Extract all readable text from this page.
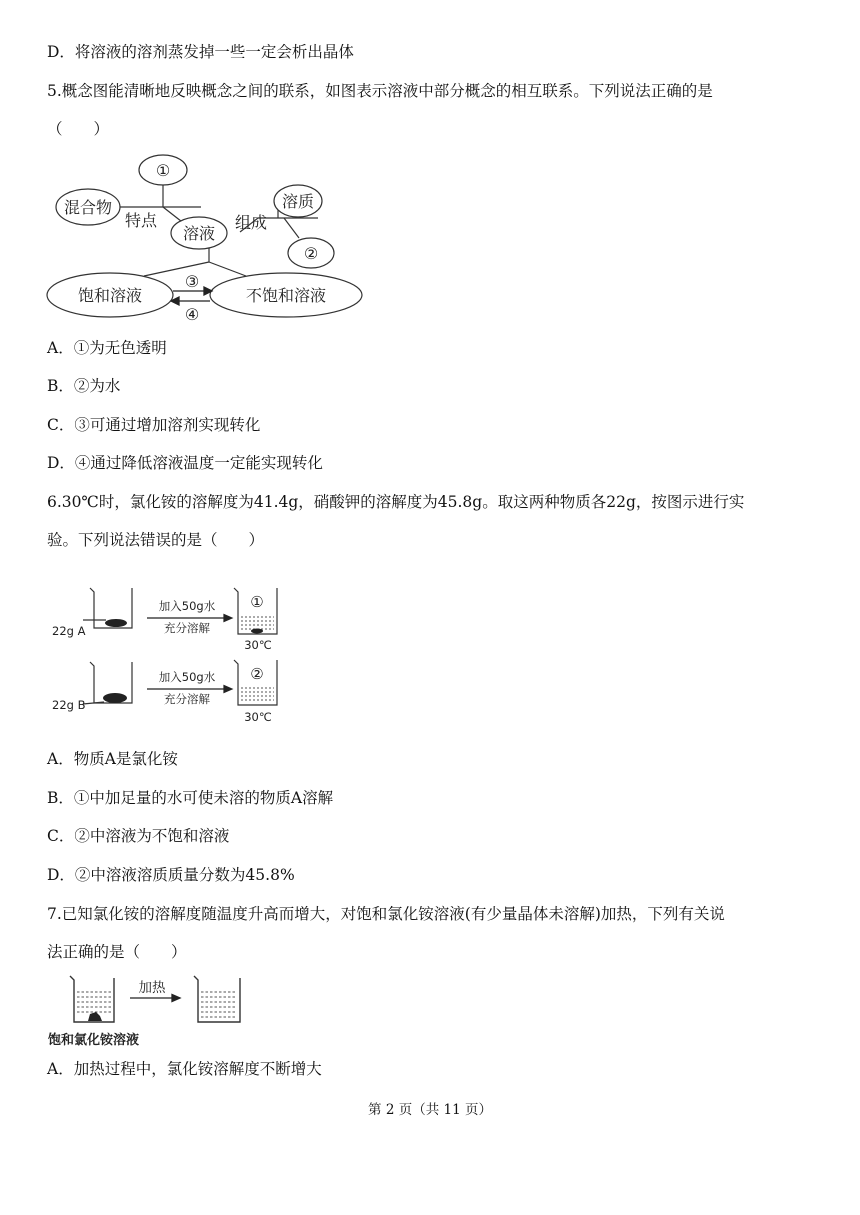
D．将溶液的溶剂蒸发掉一些一定会析出晶体
5.概念图能清晰地反映概念之间的联系，如图表示溶液中部分概念的相互联系。下列说法正确的是
（　　）
①
混合物
特点
溶液
组成
溶质
②
③
饱和溶液	不饱和溶液
④
A．①为无色透明
B．②为水
C．③可通过增加溶剂实现转化
D．④通过降低溶液温度一定能实现转化
6.30℃时，氯化铵的溶解度为41.4g，硝酸钾的溶解度为45.8g。取这两种物质各22g，按图示进行实
验。下列说法错误的是（　　）
22g A
22g B
加入50g水
充分溶解
加入50g水
充分溶解
30℃
30℃
①
②
A．物质A是氯化铵
B．①中加足量的水可使未溶的物质A溶解
C．②中溶液为不饱和溶液
D．②中溶液溶质质量分数为45.8%
7.已知氯化铵的溶解度随温度升高而增大，对饱和氯化铵溶液(有少量晶体未溶解)加热，下列有关说
法正确的是（　　）
加热
饱和氯化铵溶液
A．加热过程中，氯化铵溶解度不断增大
第 2 页（共 11 页）
